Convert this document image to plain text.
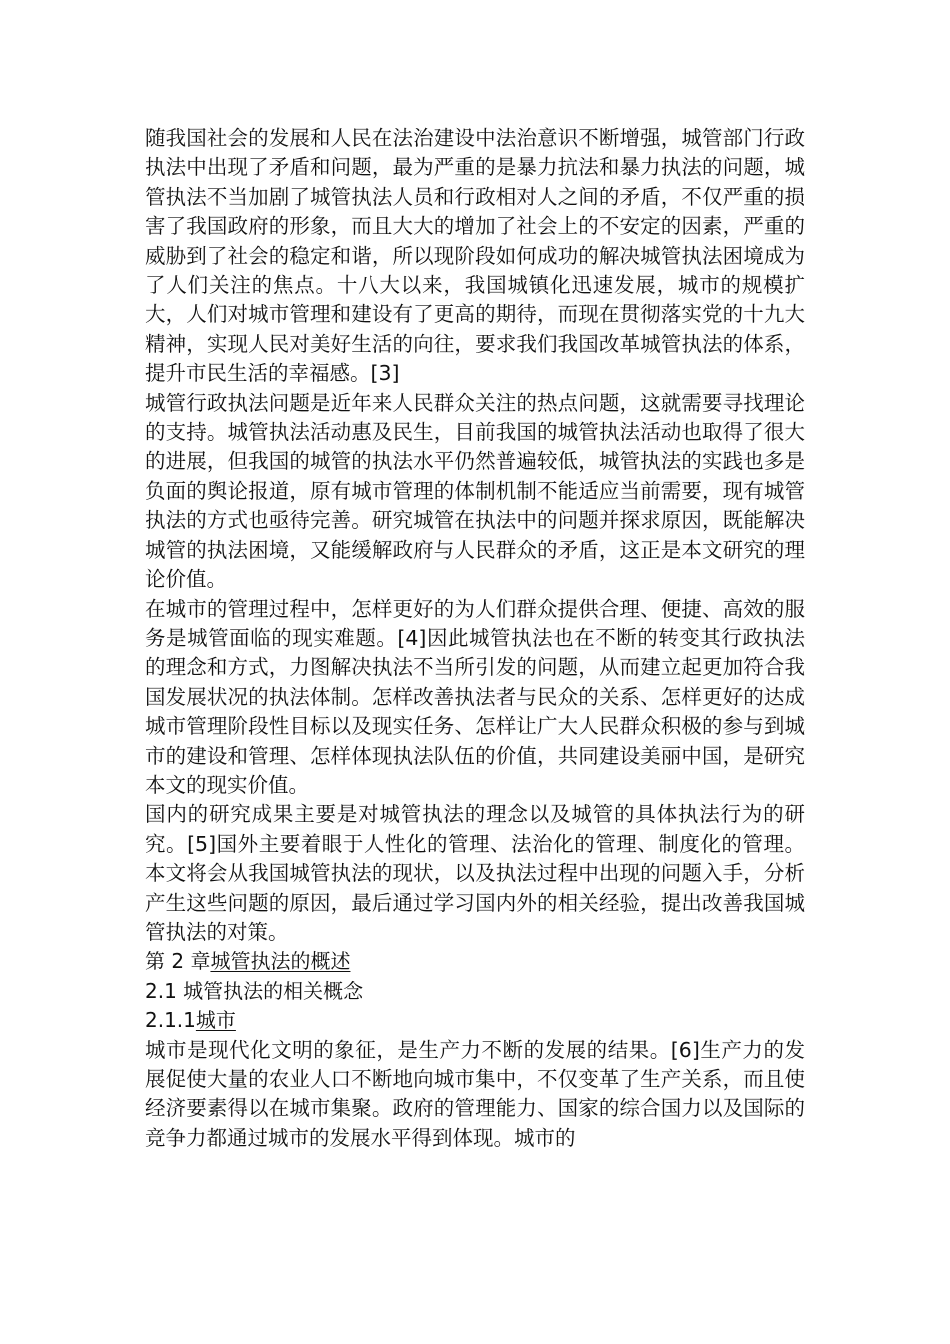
随我国社会的发展和人民在法治建设中法治意识不断增强，城管部门行政执法中出现了矛盾和问题，最为严重的是暴力抗法和暴力执法的问题，城管执法不当加剧了城管执法人员和行政相对人之间的矛盾，不仅严重的损害了我国政府的形象，而且大大的增加了社会上的不安定的因素，严重的威胁到了社会的稳定和谐，所以现阶段如何成功的解决城管执法困境成为了人们关注的焦点。十八大以来，我国城镇化迅速发展，城市的规模扩大，人们对城市管理和建设有了更高的期待，而现在贯彻落实党的十九大精神，实现人民对美好生活的向往，要求我们我国改革城管执法的体系，提升市民生活的幸福感。[3]

城管行政执法问题是近年来人民群众关注的热点问题，这就需要寻找理论的支持。城管执法活动惠及民生，目前我国的城管执法活动也取得了很大的进展，但我国的城管的执法水平仍然普遍较低，城管执法的实践也多是负面的舆论报道，原有城市管理的体制机制不能适应当前需要，现有城管执法的方式也亟待完善。研究城管在执法中的问题并探求原因，既能解决城管的执法困境，又能缓解政府与人民群众的矛盾，这正是本文研究的理论价值。

在城市的管理过程中，怎样更好的为人们群众提供合理、便捷、高效的服务是城管面临的现实难题。[4]因此城管执法也在不断的转变其行政执法的理念和方式，力图解决执法不当所引发的问题，从而建立起更加符合我国发展状况的执法体制。怎样改善执法者与民众的关系、怎样更好的达成城市管理阶段性目标以及现实任务、怎样让广大人民群众积极的参与到城市的建设和管理、怎样体现执法队伍的价值，共同建设美丽中国，是研究本文的现实价值。

国内的研究成果主要是对城管执法的理念以及城管的具体执法行为的研究。[5]国外主要着眼于人性化的管理、法治化的管理、制度化的管理。本文将会从我国城管执法的现状，以及执法过程中出现的问题入手，分析产生这些问题的原因，最后通过学习国内外的相关经验，提出改善我国城管执法的对策。

第 2 章城管执法的概述

2.1 城管执法的相关概念

2.1.1城市

城市是现代化文明的象征，是生产力不断的发展的结果。[6]生产力的发展促使大量的农业人口不断地向城市集中，不仅变革了生产关系，而且使经济要素得以在城市集聚。政府的管理能力、国家的综合国力以及国际的竞争力都通过城市的发展水平得到体现。城市的
